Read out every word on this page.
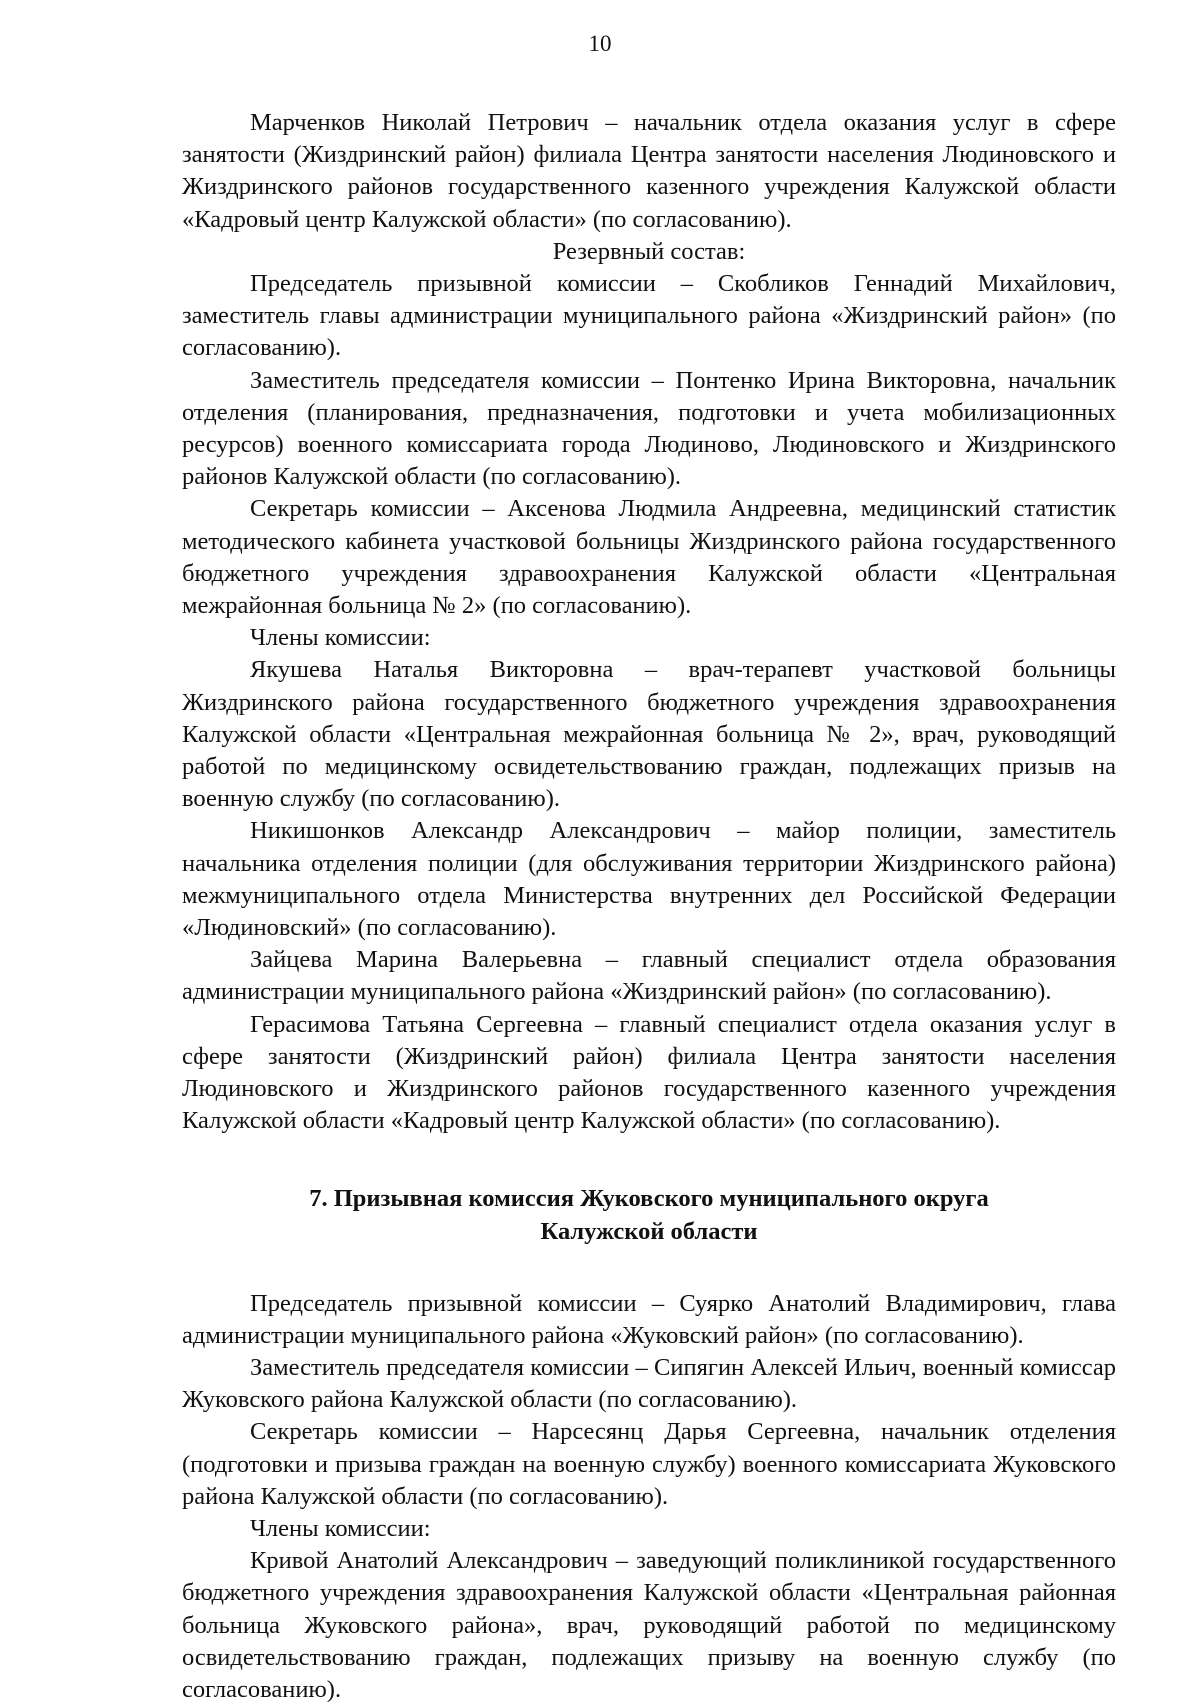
10

Марченков Николай Петрович – начальник отдела оказания услуг в сфере занятости (Жиздринский район) филиала Центра занятости населения Людиновского и Жиздринского районов государственного казенного учреждения Калужской области «Кадровый центр Калужской области» (по согласованию).

Резервный состав:

Председатель призывной комиссии – Скобликов Геннадий Михайлович, заместитель главы администрации муниципального района «Жиздринский район» (по согласованию).

Заместитель председателя комиссии – Понтенко Ирина Викторовна, начальник отделения (планирования, предназначения, подготовки и учета мобилизационных ресурсов) военного комиссариата города Людиново, Людиновского и Жиздринского районов Калужской области (по согласованию).

Секретарь комиссии – Аксенова Людмила Андреевна, медицинский статистик методического кабинета участковой больницы Жиздринского района государственного бюджетного учреждения здравоохранения Калужской области «Центральная межрайонная больница № 2» (по согласованию).

Члены комиссии:

Якушева Наталья Викторовна – врач-терапевт участковой больницы Жиздринского района государственного бюджетного учреждения здравоохранения Калужской области «Центральная межрайонная больница № 2», врач, руководящий работой по медицинскому освидетельствованию граждан, подлежащих призыв на военную службу (по согласованию).

Никишонков Александр Александрович – майор полиции, заместитель начальника отделения полиции (для обслуживания территории Жиздринского района) межмуниципального отдела Министерства внутренних дел Российской Федерации «Людиновский» (по согласованию).

Зайцева Марина Валерьевна – главный специалист отдела образования администрации муниципального района «Жиздринский район» (по согласованию).

Герасимова Татьяна Сергеевна – главный специалист отдела оказания услуг в сфере занятости (Жиздринский район) филиала Центра занятости населения Людиновского и Жиздринского районов государственного казенного учреждения Калужской области «Кадровый центр Калужской области» (по согласованию).

7. Призывная комиссия Жуковского муниципального округа
Калужской области

Председатель призывной комиссии – Суярко Анатолий Владимирович, глава администрации муниципального района «Жуковский район» (по согласованию).

Заместитель председателя комиссии – Сипягин Алексей Ильич, военный комиссар Жуковского района Калужской области (по согласованию).

Секретарь комиссии – Нарсесянц Дарья Сергеевна, начальник отделения (подготовки и призыва граждан на военную службу) военного комиссариата Жуковского района Калужской области (по согласованию).

Члены комиссии:

Кривой Анатолий Александрович – заведующий поликлиникой государственного бюджетного учреждения здравоохранения Калужской области «Центральная районная больница Жуковского района», врач, руководящий работой по медицинскому освидетельствованию граждан, подлежащих призыву на военную службу (по согласованию).
